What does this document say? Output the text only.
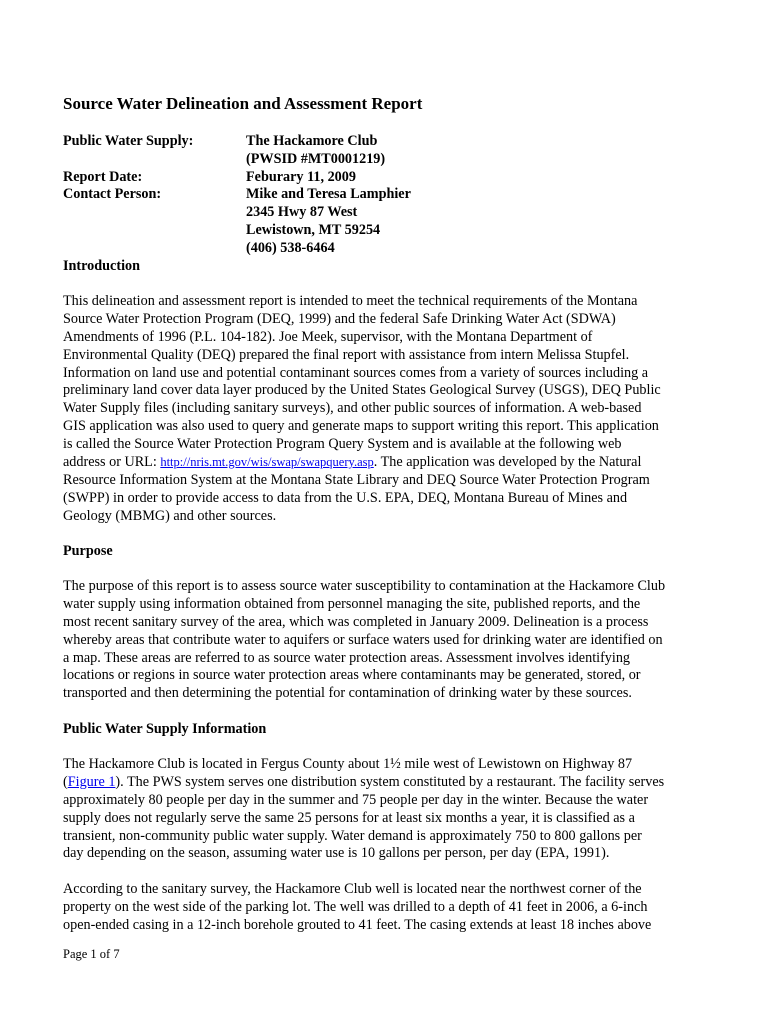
Source Water Delineation and Assessment Report
Public Water Supply:
Report Date:
Contact Person:
The Hackamore Club
(PWSID #MT0001219)
Feburary 11, 2009
Mike and Teresa Lamphier
2345 Hwy 87 West
Lewistown, MT 59254
(406) 538-6464
Introduction
This delineation and assessment report is intended to meet the technical requirements of the Montana
Source Water Protection Program (DEQ, 1999) and the federal Safe Drinking Water Act (SDWA)
Amendments of 1996 (P.L. 104-182). Joe Meek, supervisor, with the Montana Department of
Environmental Quality (DEQ) prepared the final report with assistance from intern Melissa Stupfel.
Information on land use and potential contaminant sources comes from a variety of sources including a
preliminary land cover data layer produced by the United States Geological Survey (USGS), DEQ Public
Water Supply files (including sanitary surveys), and other public sources of information. A web-based
GIS application was also used to query and generate maps to support writing this report. This application
is called the Source Water Protection Program Query System and is available at the following web
address or URL: http://nris.mt.gov/wis/swap/swapquery.asp. The application was developed by the Natural
Resource Information System at the Montana State Library and DEQ Source Water Protection Program
(SWPP) in order to provide access to data from the U.S. EPA, DEQ, Montana Bureau of Mines and
Geology (MBMG) and other sources.
Purpose
The purpose of this report is to assess source water susceptibility to contamination at the Hackamore Club
water supply using information obtained from personnel managing the site, published reports, and the
most recent sanitary survey of the area, which was completed in January 2009. Delineation is a process
whereby areas that contribute water to aquifers or surface waters used for drinking water are identified on
a map. These areas are referred to as source water protection areas. Assessment involves identifying
locations or regions in source water protection areas where contaminants may be generated, stored, or
transported and then determining the potential for contamination of drinking water by these sources.
Public Water Supply Information
The Hackamore Club is located in Fergus County about 1½ mile west of Lewistown on Highway 87
(Figure 1). The PWS system serves one distribution system constituted by a restaurant. The facility serves
approximately 80 people per day in the summer and 75 people per day in the winter. Because the water
supply does not regularly serve the same 25 persons for at least six months a year, it is classified as a
transient, non-community public water supply. Water demand is approximately 750 to 800 gallons per
day depending on the season, assuming water use is 10 gallons per person, per day (EPA, 1991).
According to the sanitary survey, the Hackamore Club well is located near the northwest corner of the
property on the west side of the parking lot. The well was drilled to a depth of 41 feet in 2006, a 6-inch
open-ended casing in a 12-inch borehole grouted to 41 feet. The casing extends at least 18 inches above
Page 1 of 7
